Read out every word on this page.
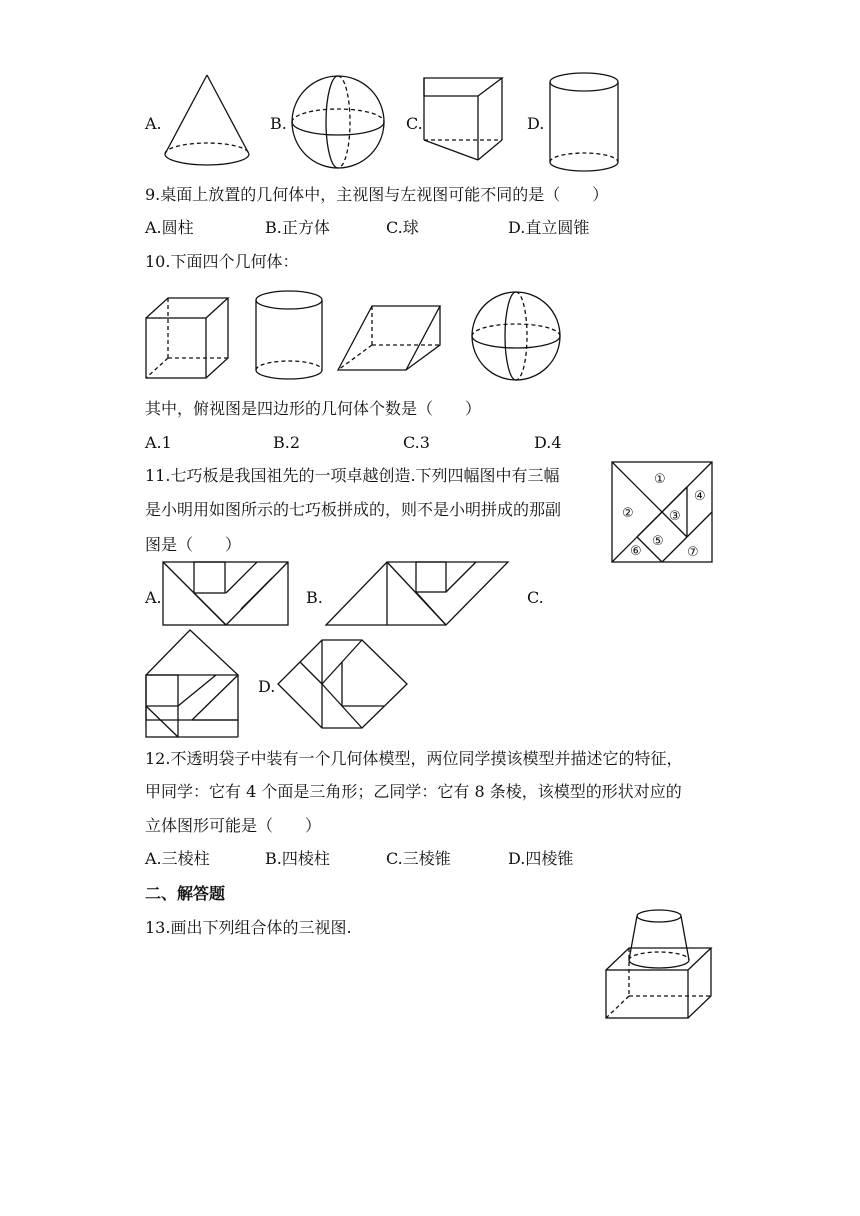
A.	B.	C.	D.
9.桌面上放置的几何体中，主视图与左视图可能不同的是（　　）
A.圆柱	B.正方体	C.球	D.直立圆锥
10.下面四个几何体：
其中，俯视图是四边形的几何体个数是（　　）
A.1	B.2	C.3	D.4
11.七巧板是我国祖先的一项卓越创造.下列四幅图中有三幅
是小明用如图所示的七巧板拼成的，则不是小明拼成的那副
图是（　　）
①
②	③
④
⑤
⑥	⑦
A.	B.	C.
D.
12.不透明袋子中装有一个几何体模型，两位同学摸该模型并描述它的特征，
甲同学：它有 4 个面是三角形；乙同学：它有 8 条棱，该模型的形状对应的
立体图形可能是（　　）
A.三棱柱	B.四棱柱	C.三棱锥	D.四棱锥
二、解答题
13.画出下列组合体的三视图.
